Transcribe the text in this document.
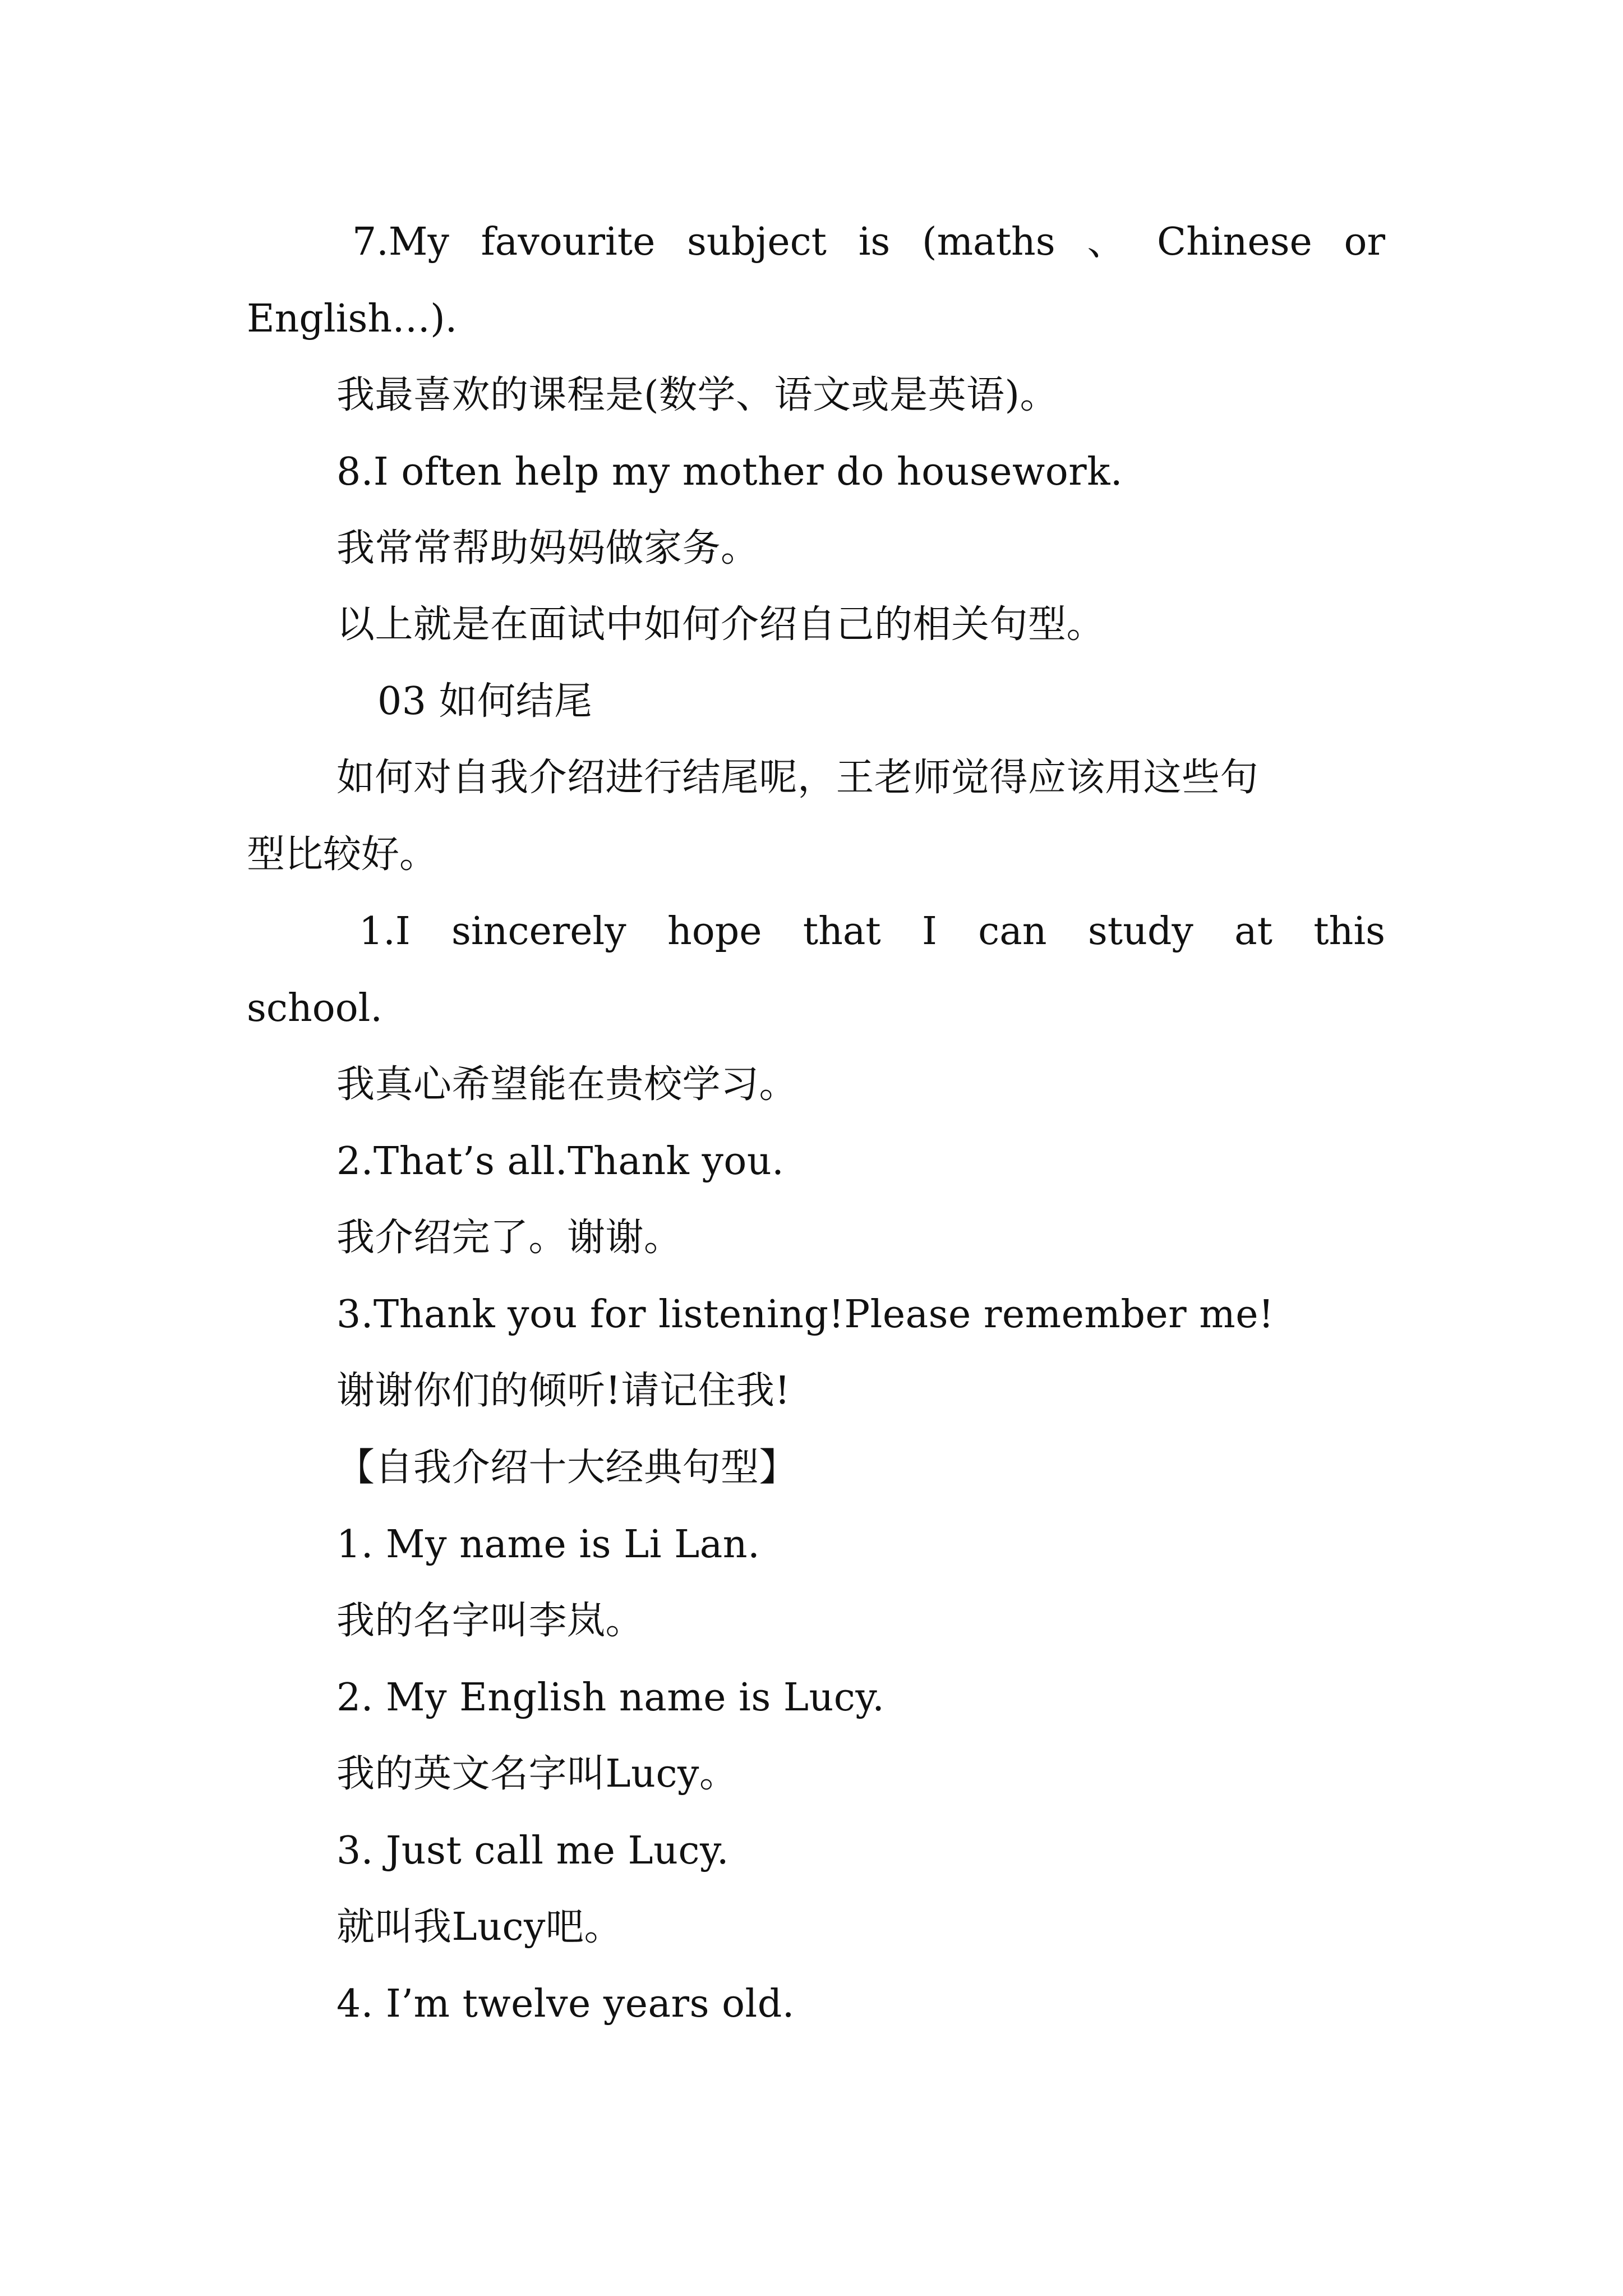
7.My favourite subject is (maths 、 Chinese or
English…).
我最喜欢的课程是(数学、语文或是英语)。
8.I often help my mother do housework.
我常常帮助妈妈做家务。
以上就是在面试中如何介绍自己的相关句型。
03 如何结尾
如何对自我介绍进行结尾呢，王老师觉得应该用这些句
型比较好。
1.I sincerely hope that I can study at this
school.
我真心希望能在贵校学习。
2.That’s all.Thank you.
我介绍完了。谢谢。
3.Thank you for listening!Please remember me!
谢谢你们的倾听!请记住我!
【自我介绍十大经典句型】
1. My name is Li Lan.
我的名字叫李岚。
2. My English name is Lucy.
我的英文名字叫Lucy。
3. Just call me Lucy.
就叫我Lucy吧。
4. I’m twelve years old.
